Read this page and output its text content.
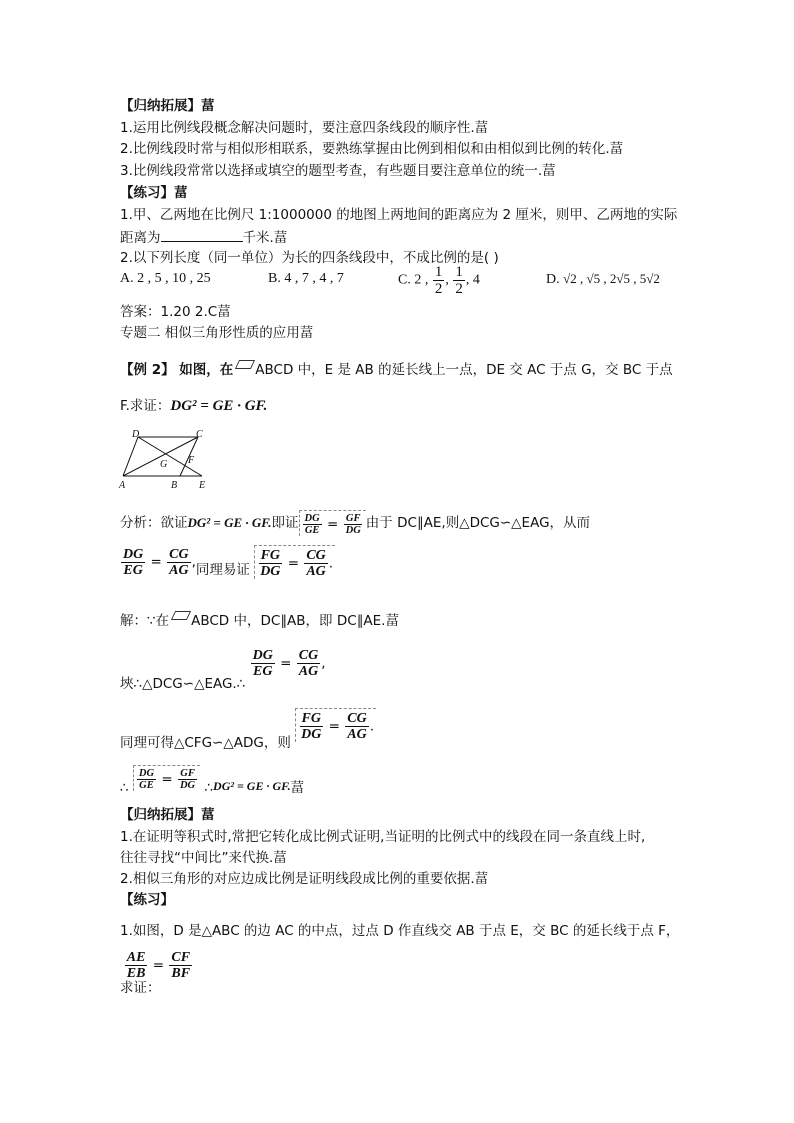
【归纳拓展】葍
1.运用比例线段概念解决问题时，要注意四条线段的顺序性.葍
2.比例线段时常与相似形相联系，要熟练掌握由比例到相似和由相似到比例的转化.葍
3.比例线段常常以选择或填空的题型考查，有些题目要注意单位的统一.葍
【练习】葍
1.甲、乙两地在比例尺 1:1000000 的地图上两地间的距离应为 2 厘米，则甲、乙两地的实际
距离为	千米.葍
2.以下列长度（同一单位）为长的四条线段中，不成比例的是( )
A. 2 , 5 , 10 , 25	B. 4 , 7 , 4 , 7	C. 2 , $\frac{1}{2}$ , $\frac{1}{2}$ , 4	D. √2 , √5 , 2√5 , 5√2
答案：1.20 2.C葍
专题二 相似三角形性质的应用葍
【例 2】 如图，在 ABCD 中，E 是 AB 的延长线上一点，DE 交 AC 于点 G，交 BC 于点
F.求证：DG² = GE · GF.
D	C
G F
A	B E
分析：欲证DG² = GE · GF.即证 $\frac{DG}{GE} = \frac{GF}{DG}$ 由于 DC∥AE,则△DCG∽△EAG，从而
$\frac{DG}{EG} = \frac{CG}{AG}$ ,同理易证 $\frac{FG}{DG} = \frac{CG}{AG}$ .
解：∵在 ABCD 中，DC∥AB，即 DC∥AE.葍
埉∴△DCG∽△EAG.∴
$\frac{DG}{EG} = \frac{CG}{AG}$ ,
同理可得△CFG∽△ADG，则
$\frac{FG}{DG} = \frac{CG}{AG}$ .
∴ $\frac{DG}{GE} = \frac{GF}{DG}$ ∴DG² = GE · GF.葍
【归纳拓展】葍
1.在证明等积式时,常把它转化成比例式证明,当证明的比例式中的线段在同一条直线上时,
往往寻找“中间比”来代换.葍
2.相似三角形的对应边成比例是证明线段成比例的重要依据.葍
【练习】
1.如图，D 是△ABC 的边 AC 的中点，过点 D 作直线交 AB 于点 E，交 BC 的延长线于点 F，
求证：
$\frac{AE}{EB} = \frac{CF}{BF}$
